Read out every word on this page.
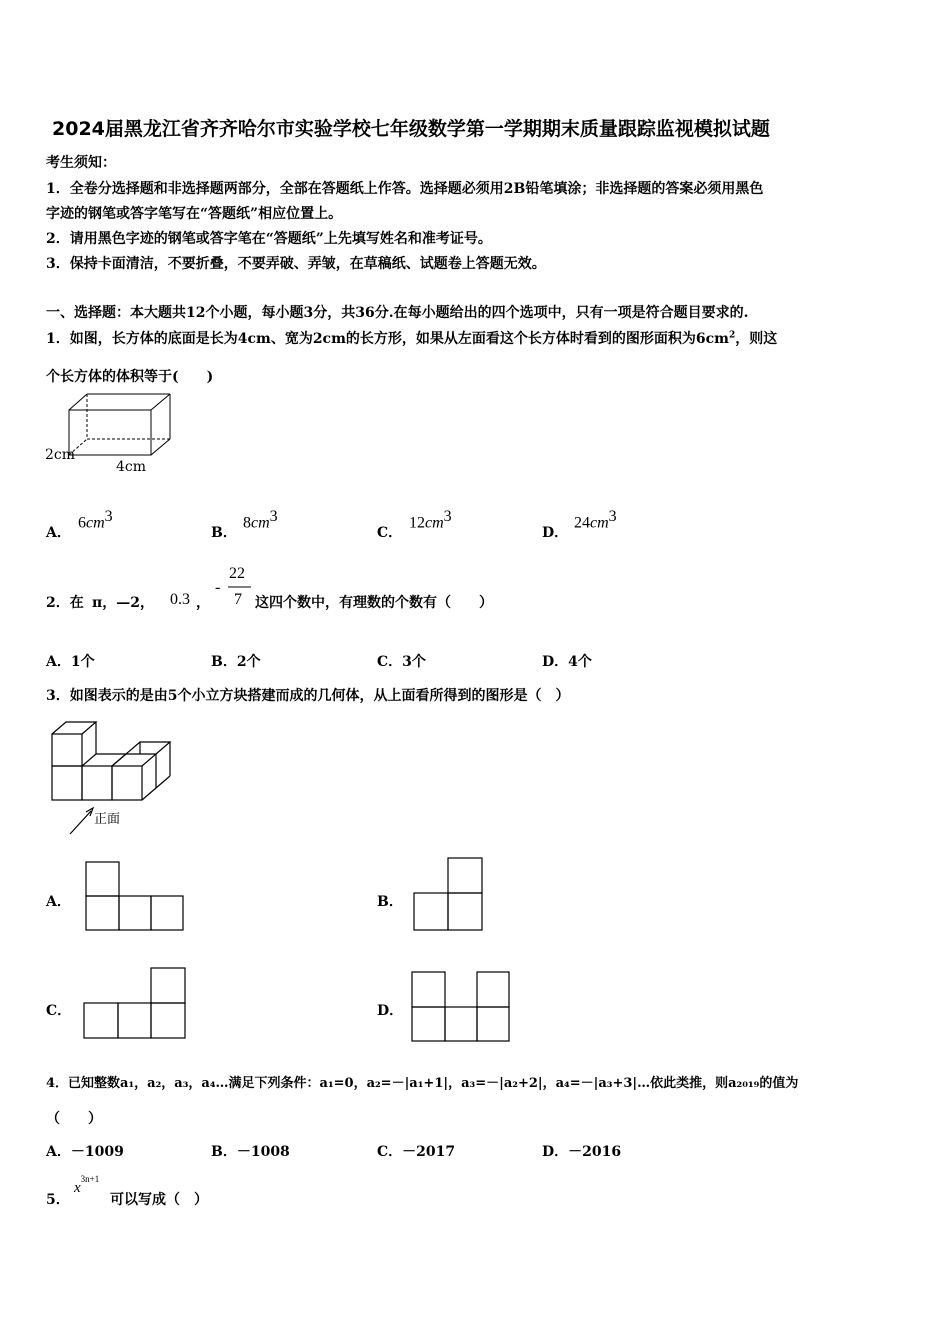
2024届黑龙江省齐齐哈尔市实验学校七年级数学第一学期期末质量跟踪监视模拟试题
考生须知：
1．全卷分选择题和非选择题两部分，全部在答题纸上作答。选择题必须用2B铅笔填涂；非选择题的答案必须用黑色
字迹的钢笔或答字笔写在“答题纸”相应位置上。
2．请用黑色字迹的钢笔或答字笔在“答题纸”上先填写姓名和准考证号。
3．保持卡面清洁，不要折叠，不要弄破、弄皱，在草稿纸、试题卷上答题无效。
一、选择题：本大题共12个小题，每小题3分，共36分.在每小题给出的四个选项中，只有一项是符合题目要求的.
1．如图，长方体的底面是长为4cm、宽为2cm的长方形，如果从左面看这个长方体时看到的图形面积为$6cm^2$，则这
个长方体的体积等于(　　)
2cm
4cm
A．
$6cm^3$
B．
$8cm^3$
C．
$12cm^3$
D．
$24cm^3$
2．在 π，—2， 0.3 ，
-
22
7 这四个数中，有理数的个数有（　　）
A．1个	B．2个	C．3个	D．4个
3．如图表示的是由5个小立方块搭建而成的几何体，从上面看所得到的图形是（　）
正面
A．	B．
C．	D．
4．已知整数a₁，a₂，a₃，a₄…满足下列条件：a₁=0，a₂=－|a₁+1|，a₃=－|a₂+2|，a₄=－|a₃+3|…依此类推，则a₂₀₁₉的值为
（　　）
A．－1009	B．－1008	C．－2017	D．－2016
5．
$x^{3n+1}$
可以写成（　）
